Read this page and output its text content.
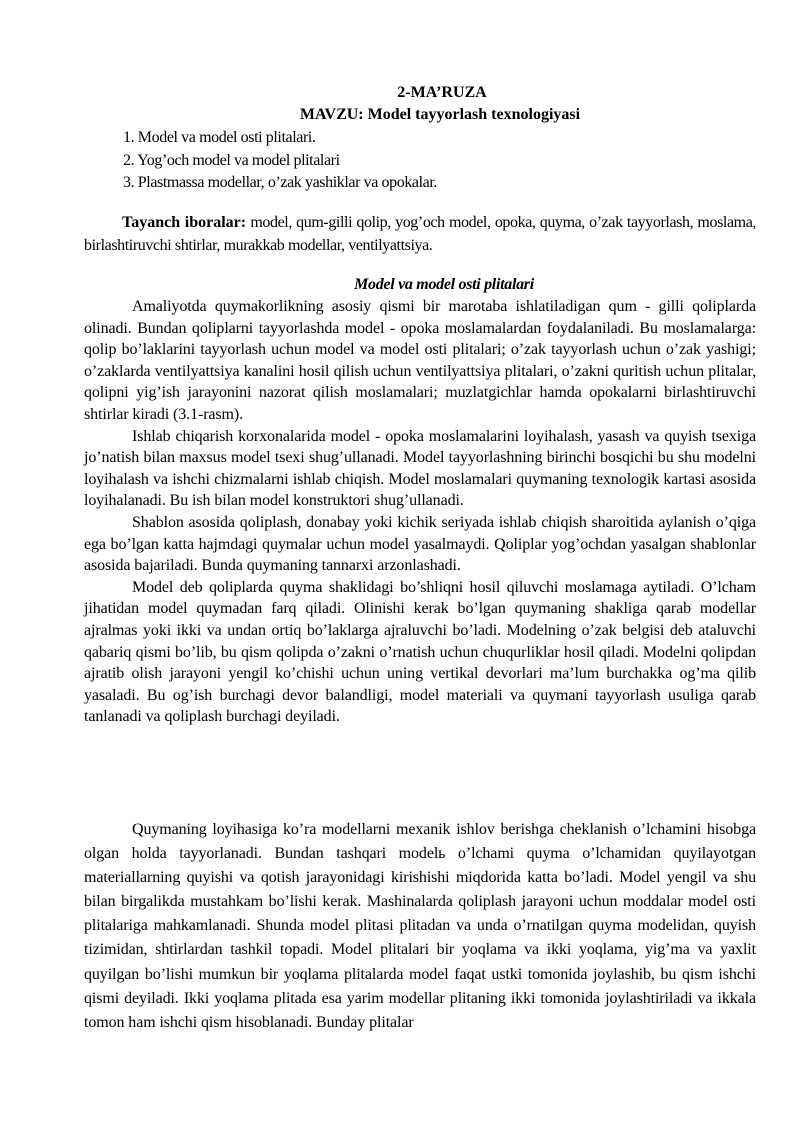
2-MA’RUZA
MAVZU: Model tayyorlash texnologiyasi
1. Model va model osti plitalari.
2. Yog’och model va model plitalari
3. Plastmassa modellar, o’zak yashiklar va opokalar.

Tayanch iboralar: model, qum-gilli qolip, yog’och model, opoka, quyma, o’zak tayyorlash, moslama, birlashtiruvchi shtirlar, murakkab modellar, ventilyattsiya.

Model va model osti plitalari

Amaliyotda quymakorlikning asosiy qismi bir marotaba ishlatiladigan qum - gilli qoliplarda olinadi. Bundan qoliplarni tayyorlashda model - opoka moslamalardan foydalaniladi. Bu moslamalarga: qolip bo’laklarini tayyorlash uchun model va model osti plitalari; o’zak tayyorlash uchun o’zak yashigi; o’zaklarda ventilyattsiya kanalini hosil qilish uchun ventilyattsiya plitalari, o’zakni quritish uchun plitalar, qolipni yig’ish jarayonini nazorat qilish moslamalari; muzlatgichlar hamda opokalarni birlashtiruvchi shtirlar kiradi (3.1-rasm).

Ishlab chiqarish korxonalarida model - opoka moslamalarini loyihalash, yasash va quyish tsexiga jo’natish bilan maxsus model tsexi shug’ullanadi. Model tayyorlashning birinchi bosqichi bu shu modelni loyihalash va ishchi chizmalarni ishlab chiqish. Model moslamalari quymaning texnologik kartasi asosida loyihalanadi. Bu ish bilan model konstruktori shug’ullanadi.

Shablon asosida qoliplash, donabay yoki kichik seriyada ishlab chiqish sharoitida aylanish o’qiga ega bo’lgan katta hajmdagi quymalar uchun model yasalmaydi. Qoliplar yog’ochdan yasalgan shablonlar asosida bajariladi. Bunda quymaning tannarxi arzonlashadi.

Model deb qoliplarda quyma shaklidagi bo’shliqni hosil qiluvchi moslamaga aytiladi. O’lcham jihatidan model quymadan farq qiladi. Olinishi kerak bo’lgan quymaning shakliga qarab modellar ajralmas yoki ikki va undan ortiq bo’laklarga ajraluvchi bo’ladi. Modelning o’zak belgisi deb ataluvchi qabariq qismi bo’lib, bu qism qolipda o’zakni o’rnatish uchun chuqurliklar hosil qiladi. Modelni qolipdan ajratib olish jarayoni yengil ko’chishi uchun uning vertikal devorlari ma’lum burchakka og’ma qilib yasaladi. Bu og’ish burchagi devor balandligi, model materiali va quymani tayyorlash usuliga qarab tanlanadi va qoliplash burchagi deyiladi.

Quymaning loyihasiga ko’ra modellarni mexanik ishlov berishga cheklanish o’lchamini hisobga olgan holda tayyorlanadi. Bundan tashqari modelь o’lchami quyma o’lchamidan quyilayotgan materiallarning quyishi va qotish jarayonidagi kirishishi miqdorida katta bo’ladi. Model yengil va shu bilan birgalikda mustahkam bo’lishi kerak. Mashinalarda qoliplash jarayoni uchun moddalar model osti plitalariga mahkamlanadi. Shunda model plitasi plitadan va unda o’rnatilgan quyma modelidan, quyish tizimidan, shtirlardan tashkil topadi. Model plitalari bir yoqlama va ikki yoqlama, yig’ma va yaxlit quyilgan bo’lishi mumkun bir yoqlama plitalarda model faqat ustki tomonida joylashib, bu qism ishchi qismi deyiladi. Ikki yoqlama plitada esa yarim modellar plitaning ikki tomonida joylashtiriladi va ikkala tomon ham ishchi qism hisoblanadi. Bunday plitalar
